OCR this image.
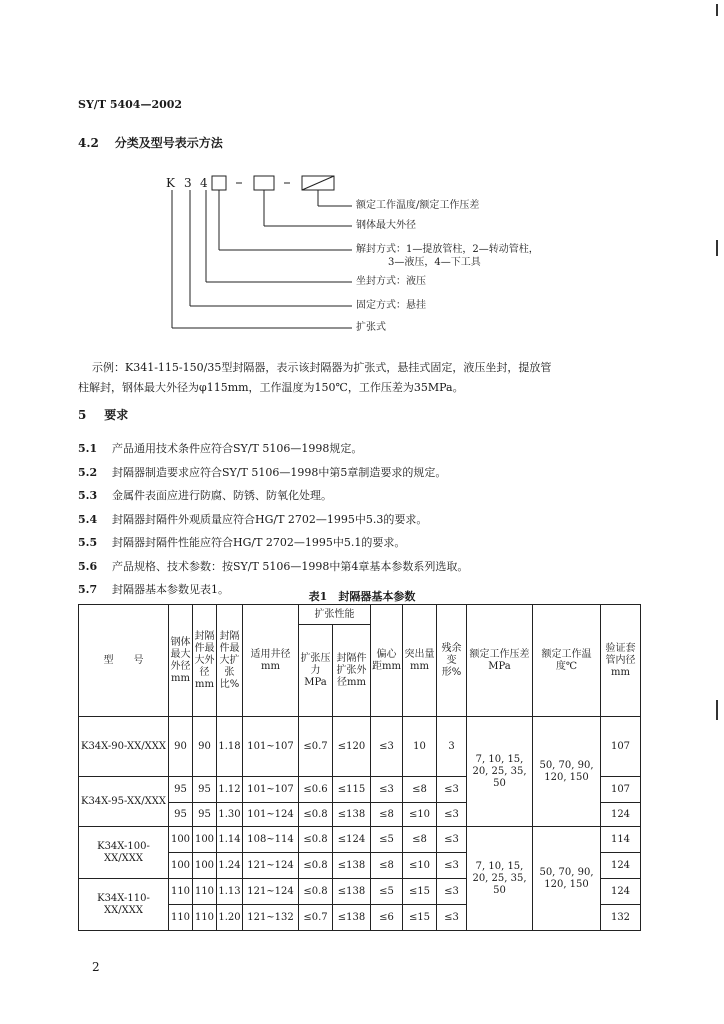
SY/T 5404—2002
4.2 分类及型号表示方法
K 3 4
额定工作温度/额定工作压差
钢体最大外径
解封方式：1—提放管柱，2—转动管柱，
3—液压，4—下工具
坐封方式：液压
固定方式：悬挂
扩张式
示例：K341-115-150/35型封隔器，表示该封隔器为扩张式，悬挂式固定，液压坐封，提放管
柱解封，钢体最大外径为φ115mm，工作温度为150℃，工作压差为35MPa。
5 要求
5.1 产品通用技术条件应符合SY/T 5106—1998规定。
5.2 封隔器制造要求应符合SY/T 5106—1998中第5章制造要求的规定。
5.3 金属件表面应进行防腐、防锈、防氧化处理。
5.4 封隔器封隔件外观质量应符合HG/T 2702—1995中5.3的要求。
5.5 封隔器封隔件性能应符合HG/T 2702—1995中5.1的要求。
5.6 产品规格、技术参数：按SY/T 5106—1998中第4章基本参数系列选取。
5.7 封隔器基本参数见表1。
表1　封隔器基本参数
型　　号	钢体最大外径mm	封隔件最大外径mm	封隔件最大扩张比%	适用井径mm	扩张性能		偏心距mm	突出量mm	残余变形%	额定工作压差MPa	额定工作温度℃	验证套管内径mm
					扩张压力MPa	封隔件扩张外径mm						
K34X-90-XX/XXX	90	90	1.18	101~107	≤0.7	≤120	≤3	10	3	7, 10, 15, 20, 25, 35, 50	50, 70, 90, 120, 150	107
K34X-95-XX/XXX	95	95	1.12	101~107	≤0.6	≤115	≤3	≤8	≤3			107
	95	95	1.30	101~124	≤0.8	≤138	≤8	≤10	≤3			124
K34X-100-XX/XXX	100	100	1.14	108~114	≤0.8	≤124	≤5	≤8	≤3	7, 10, 15, 20, 25, 35, 50	50, 70, 90, 120, 150	114
	100	100	1.24	121~124	≤0.8	≤138	≤8	≤10	≤3			124
K34X-110-XX/XXX	110	110	1.13	121~124	≤0.8	≤138	≤5	≤15	≤3			124
	110	110	1.20	121~132	≤0.7	≤138	≤6	≤15	≤3			132
2
